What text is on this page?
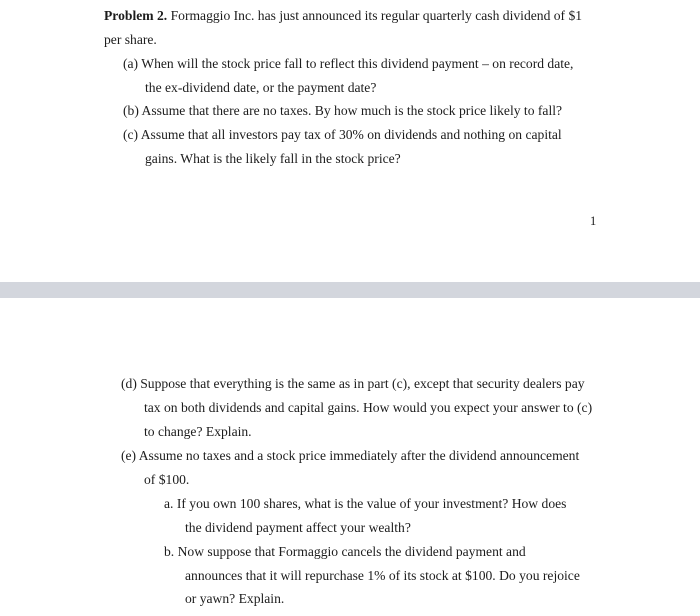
Problem 2. Formaggio Inc. has just announced its regular quarterly cash dividend of $1
per share.
(a) When will the stock price fall to reflect this dividend payment – on record date,
the ex-dividend date, or the payment date?
(b) Assume that there are no taxes. By how much is the stock price likely to fall?
(c) Assume that all investors pay tax of 30% on dividends and nothing on capital
gains. What is the likely fall in the stock price?
1
(d) Suppose that everything is the same as in part (c), except that security dealers pay
tax on both dividends and capital gains. How would you expect your answer to (c)
to change? Explain.
(e) Assume no taxes and a stock price immediately after the dividend announcement
of $100.
a. If you own 100 shares, what is the value of your investment? How does
the dividend payment affect your wealth?
b. Now suppose that Formaggio cancels the dividend payment and
announces that it will repurchase 1% of its stock at $100. Do you rejoice
or yawn? Explain.
